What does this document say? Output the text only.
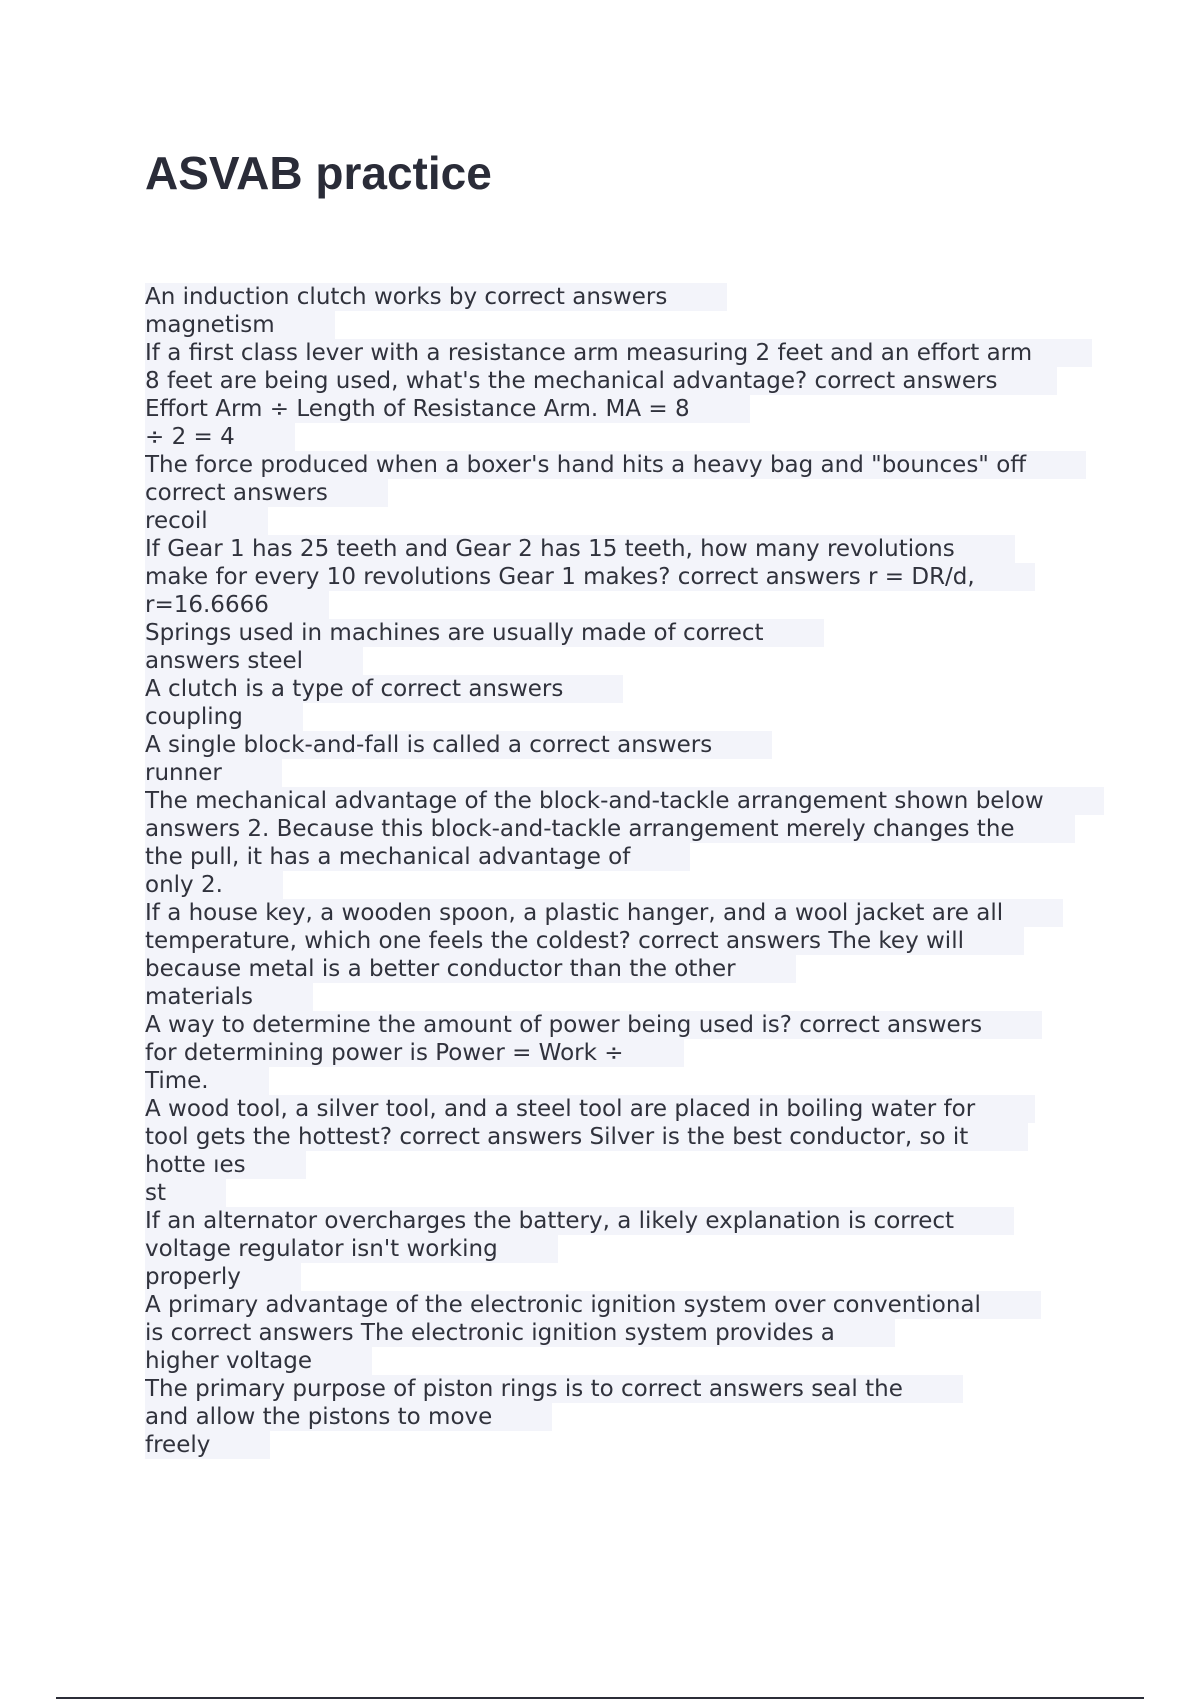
ASVAB practice
An induction clutch works by correct answers
magnetism
If a first class lever with a resistance arm measuring 2 feet and an effort arm
8 feet are being used, what's the mechanical advantage? correct answers
Effort Arm ÷ Length of Resistance Arm. MA = 8
÷ 2 = 4
The force produced when a boxer's hand hits a heavy bag and "bounces" off
correct answers
recoil
If Gear 1 has 25 teeth and Gear 2 has 15 teeth, how many revolutions
make for every 10 revolutions Gear 1 makes? correct answers r = DR/d,
r=16.6666
Springs used in machines are usually made of correct
answers steel
A clutch is a type of correct answers
coupling
A single block-and-fall is called a correct answers
runner
The mechanical advantage of the block-and-tackle arrangement shown below
answers 2. Because this block-and-tackle arrangement merely changes the
the pull, it has a mechanical advantage of
only 2.
If a house key, a wooden spoon, a plastic hanger, and a wool jacket are all
temperature, which one feels the coldest? correct answers The key will
because metal is a better conductor than the other
materials
A way to determine the amount of power being used is? correct answers
for determining power is Power = Work ÷
Time.
A wood tool, a silver tool, and a steel tool are placed in boiling water for
tool gets the hottest? correct answers Silver is the best conductor, so it
hotte ıes
st
If an alternator overcharges the battery, a likely explanation is correct
voltage regulator isn't working
properly
A primary advantage of the electronic ignition system over conventional
is correct answers The electronic ignition system provides a
higher voltage
The primary purpose of piston rings is to correct answers seal the
and allow the pistons to move
freely
